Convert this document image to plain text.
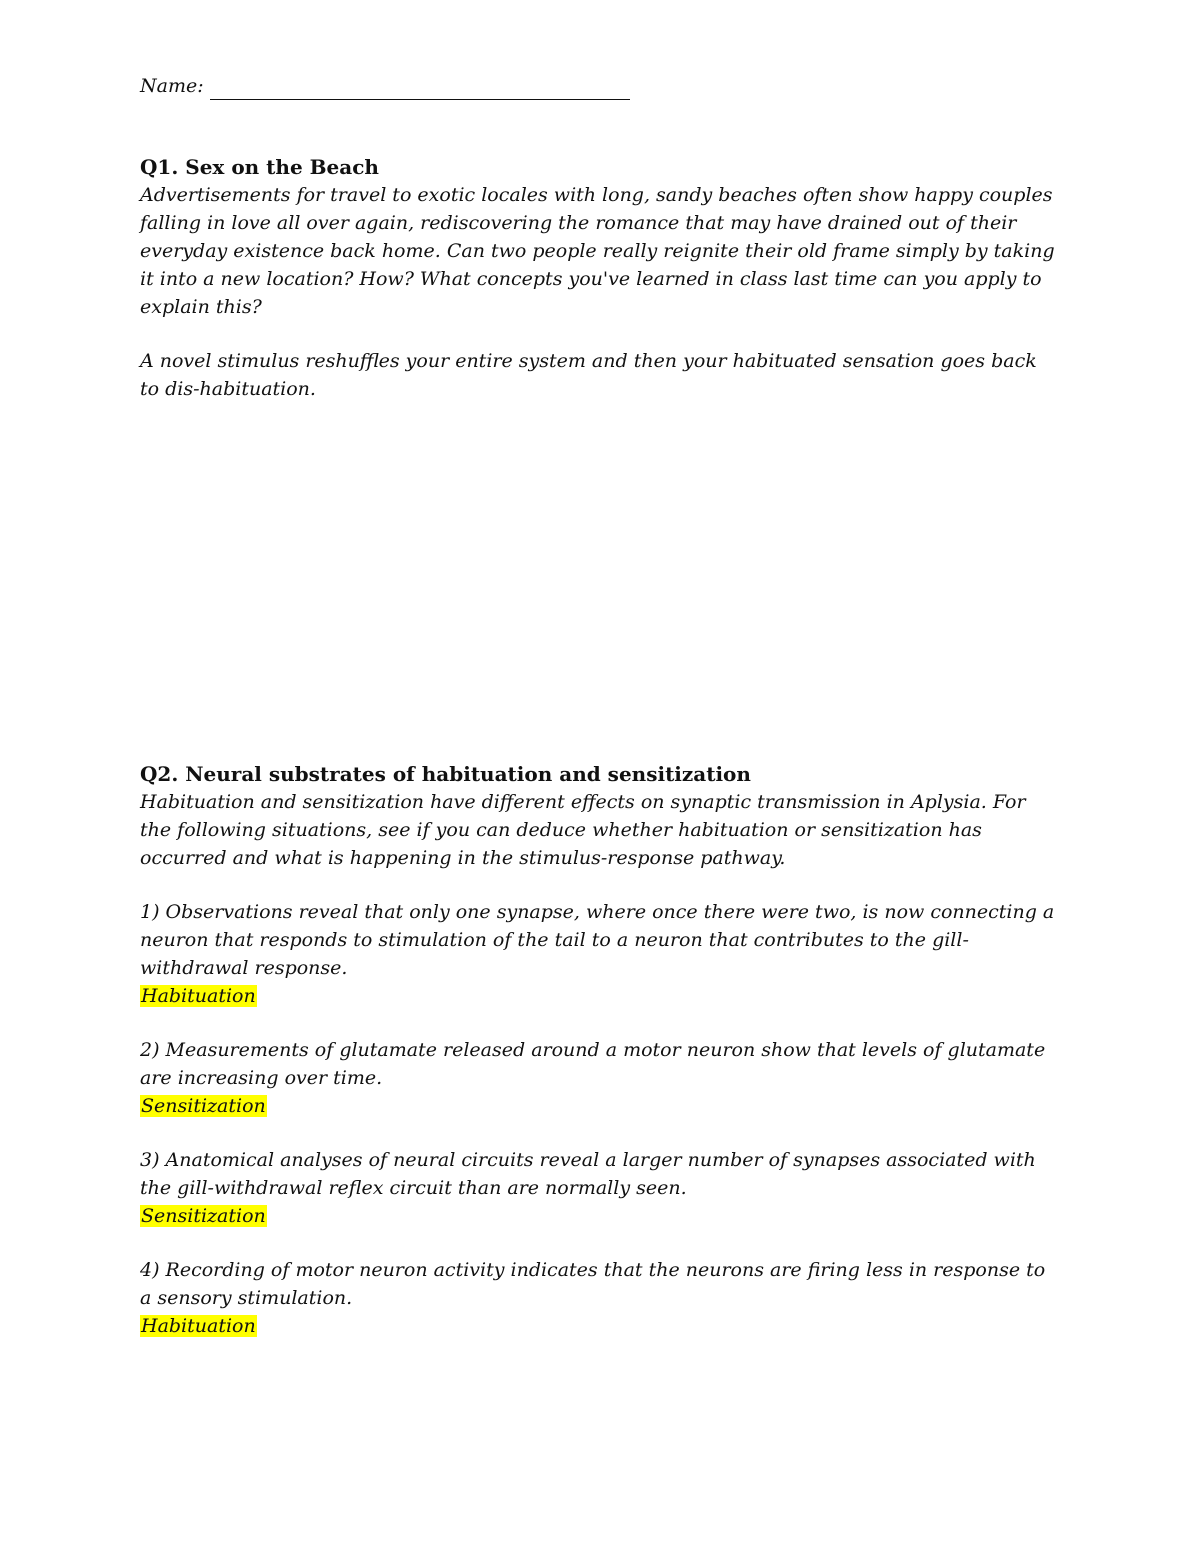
Name:

Q1. Sex on the Beach

Advertisements for travel to exotic locales with long, sandy beaches often show happy couples falling in love all over again, rediscovering the romance that may have drained out of their everyday existence back home. Can two people really reignite their old frame simply by taking it into a new location? How? What concepts you've learned in class last time can you apply to explain this?

A novel stimulus reshuffles your entire system and then your habituated sensation goes back to dis-habituation.

Q2. Neural substrates of habituation and sensitization

Habituation and sensitization have different effects on synaptic transmission in Aplysia. For the following situations, see if you can deduce whether habituation or sensitization has occurred and what is happening in the stimulus-response pathway.

1) Observations reveal that only one synapse, where once there were two, is now connecting a neuron that responds to stimulation of the tail to a neuron that contributes to the gill-withdrawal response.

Habituation

2) Measurements of glutamate released around a motor neuron show that levels of glutamate are increasing over time.

Sensitization

3) Anatomical analyses of neural circuits reveal a larger number of synapses associated with the gill-withdrawal reflex circuit than are normally seen.

Sensitization

4) Recording of motor neuron activity indicates that the neurons are firing less in response to a sensory stimulation.

Habituation
